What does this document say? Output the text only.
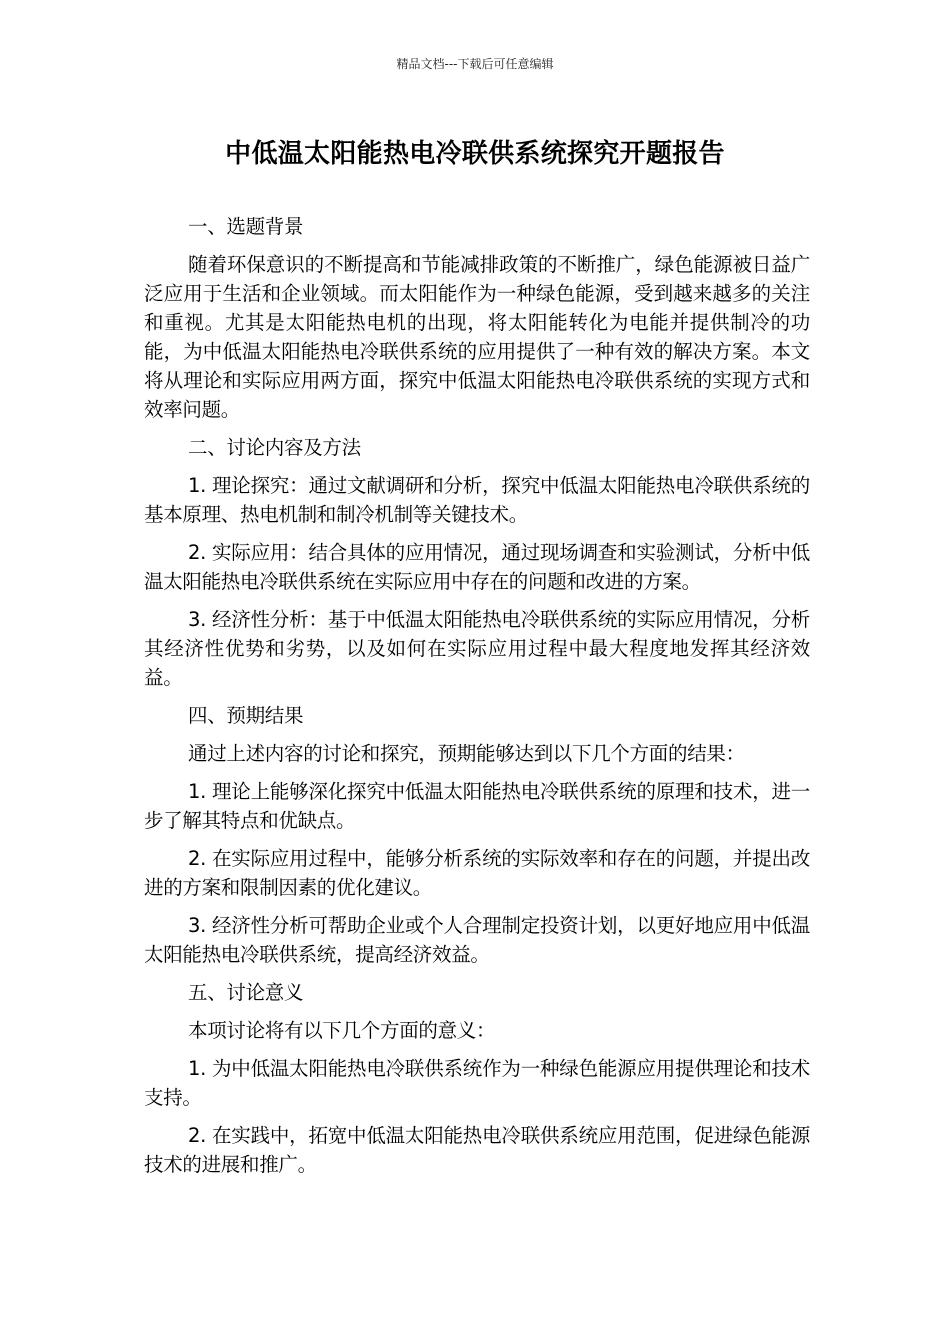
精品文档---下载后可任意编辑
中低温太阳能热电冷联供系统探究开题报告

一、选题背景

随着环保意识的不断提高和节能减排政策的不断推广，绿色能源被日益广泛应用于生活和企业领域。而太阳能作为一种绿色能源，受到越来越多的关注和重视。尤其是太阳能热电机的出现，将太阳能转化为电能并提供制冷的功能，为中低温太阳能热电冷联供系统的应用提供了一种有效的解决方案。本文将从理论和实际应用两方面，探究中低温太阳能热电冷联供系统的实现方式和效率问题。

二、讨论内容及方法

1. 理论探究：通过文献调研和分析，探究中低温太阳能热电冷联供系统的基本原理、热电机制和制冷机制等关键技术。

2. 实际应用：结合具体的应用情况，通过现场调查和实验测试，分析中低温太阳能热电冷联供系统在实际应用中存在的问题和改进的方案。

3. 经济性分析：基于中低温太阳能热电冷联供系统的实际应用情况，分析其经济性优势和劣势，以及如何在实际应用过程中最大程度地发挥其经济效益。

四、预期结果

通过上述内容的讨论和探究，预期能够达到以下几个方面的结果：

1. 理论上能够深化探究中低温太阳能热电冷联供系统的原理和技术，进一步了解其特点和优缺点。

2. 在实际应用过程中，能够分析系统的实际效率和存在的问题，并提出改进的方案和限制因素的优化建议。

3. 经济性分析可帮助企业或个人合理制定投资计划，以更好地应用中低温太阳能热电冷联供系统，提高经济效益。

五、讨论意义

本项讨论将有以下几个方面的意义：

1. 为中低温太阳能热电冷联供系统作为一种绿色能源应用提供理论和技术支持。

2. 在实践中，拓宽中低温太阳能热电冷联供系统应用范围，促进绿色能源技术的进展和推广。
